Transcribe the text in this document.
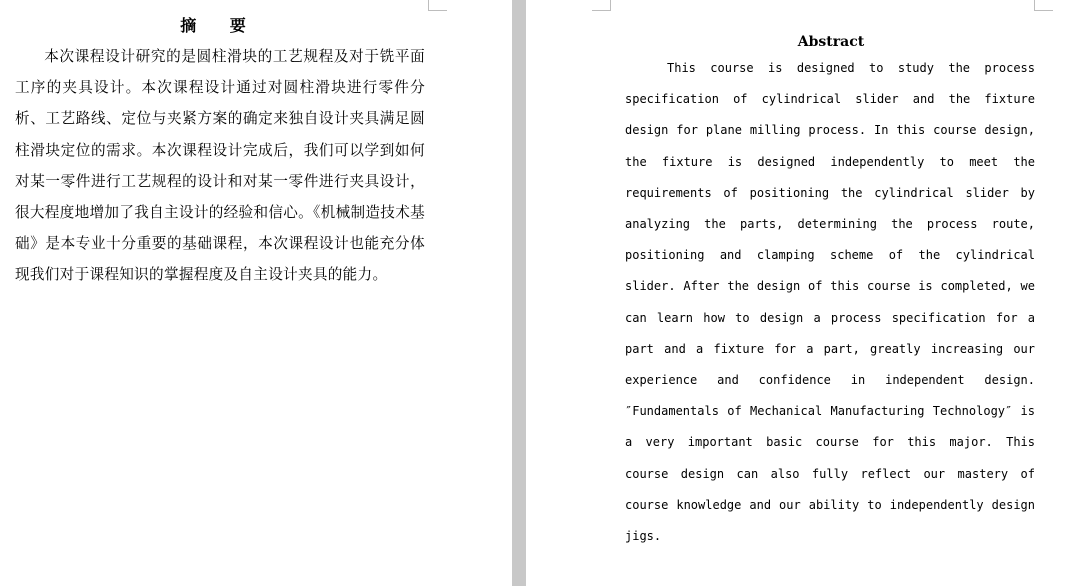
摘 要

本次课程设计研究的是圆柱滑块的工艺规程及对于铣平面工序的夹具设计。本次课程设计通过对圆柱滑块进行零件分析、工艺路线、定位与夹紧方案的确定来独自设计夹具满足圆柱滑块定位的需求。本次课程设计完成后，我们可以学到如何对某一零件进行工艺规程的设计和对某一零件进行夹具设计，很大程度地增加了我自主设计的经验和信心。《机械制造技术基础》是本专业十分重要的基础课程，本次课程设计也能充分体现我们对于课程知识的掌握程度及自主设计夹具的能力。

Abstract

This course is designed to study the process specification of cylindrical slider and the fixture design for plane milling process. In this course design, the fixture is designed independently to meet the requirements of positioning the cylindrical slider by analyzing the parts, determining the process route, positioning and clamping scheme of the cylindrical slider. After the design of this course is completed, we can learn how to design a process specification for a part and a fixture for a part, greatly increasing our experience and confidence in independent design. ″Fundamentals of Mechanical Manufacturing Technology″ is a very important basic course for this major. This course design can also fully reflect our mastery of course knowledge and our ability to independently design jigs.
